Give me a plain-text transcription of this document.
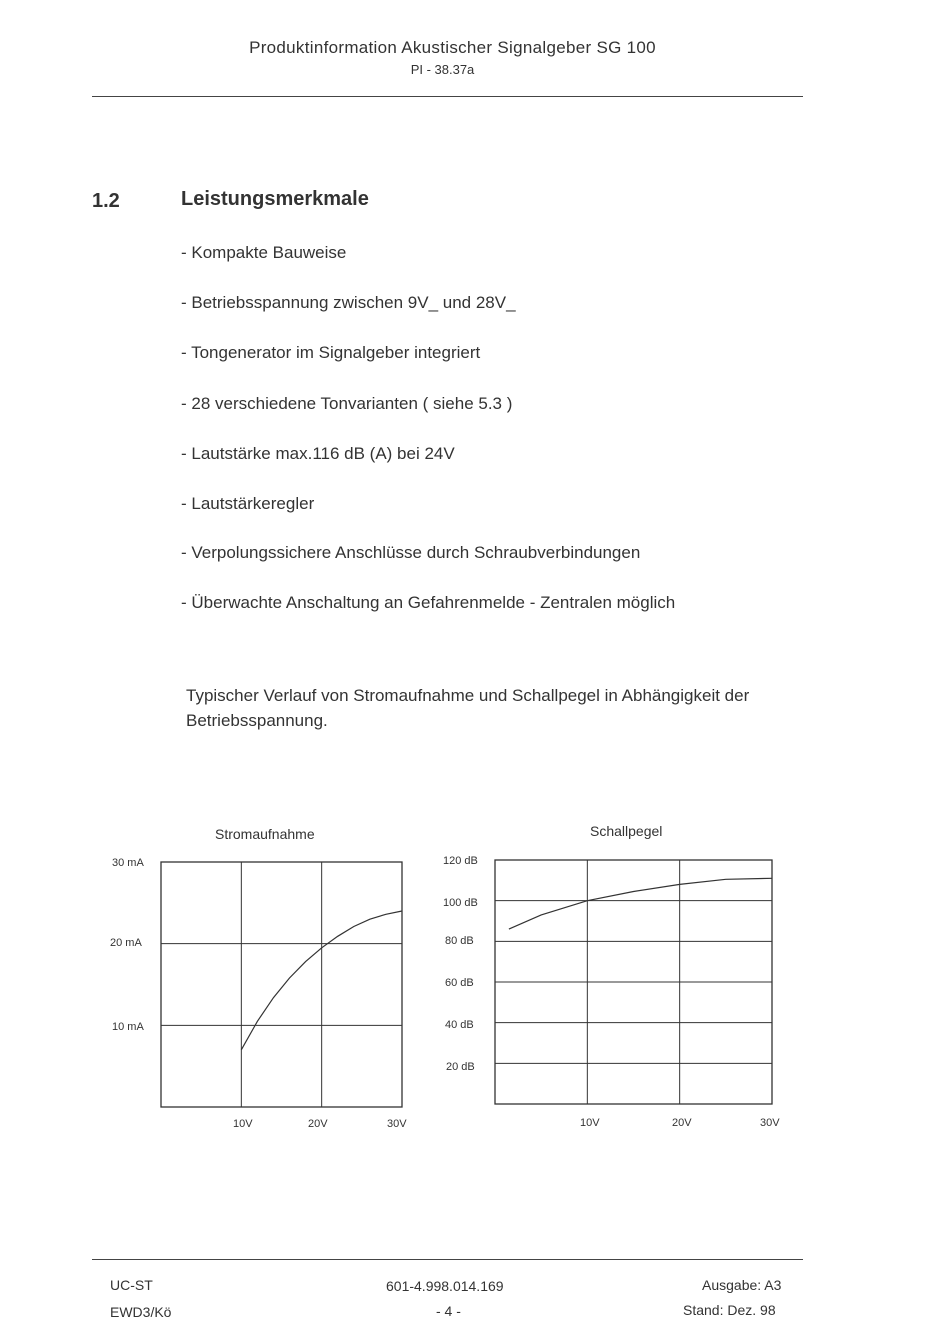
Produktinformation Akustischer Signalgeber SG 100
PI - 38.37a
1.2	Leistungsmerkmale
- Kompakte Bauweise
- Betriebsspannung zwischen 9V_ und 28V_
- Tongenerator im Signalgeber integriert
- 28 verschiedene Tonvarianten ( siehe 5.3 )
- Lautstärke max.116 dB (A) bei 24V
- Lautstärkeregler
- Verpolungssichere Anschlüsse durch Schraubverbindungen
- Überwachte Anschaltung an Gefahrenmelde - Zentralen möglich
Typischer Verlauf von Stromaufnahme und Schallpegel in Abhängigkeit der Betriebsspannung.
Stromaufnahme
30 mA
20 mA
10 mA
10V	20V	30V
Schallpegel
120 dB
100 dB
80 dB
60 dB
40 dB
20 dB
10V	20V	30V
UC-ST
EWD3/Kö
601-4.998.014.169
- 4 -
Ausgabe: A3
Stand: Dez. 98
